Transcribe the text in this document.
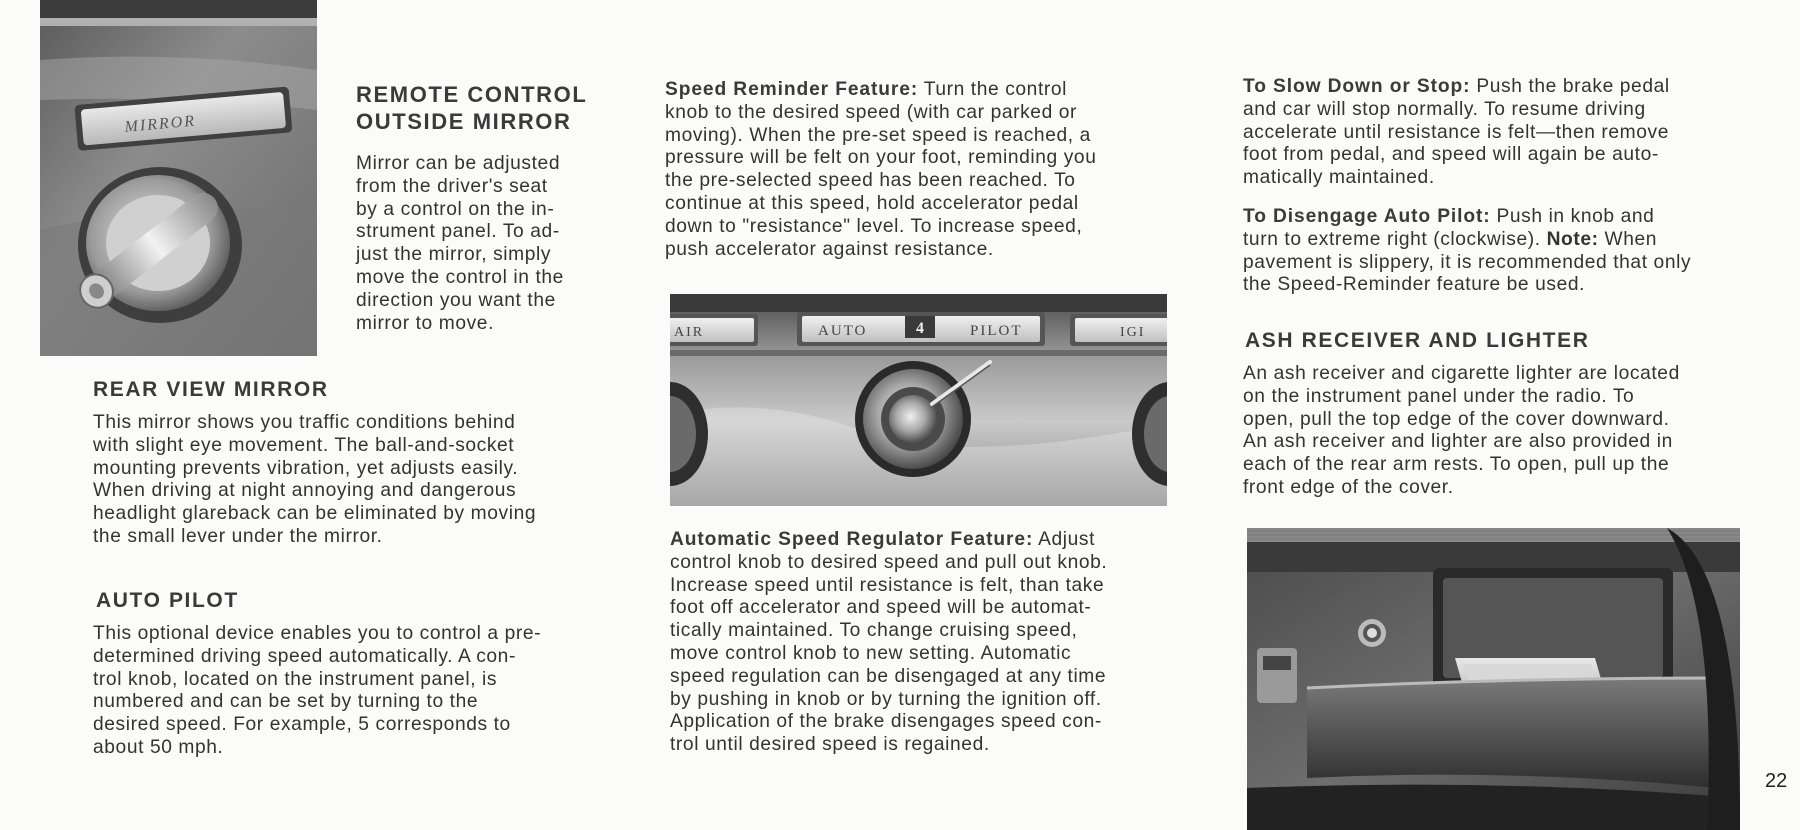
MIRROR
REMOTE CONTROL
OUTSIDE MIRROR
Mirror can be adjusted
from the driver's seat
by a control on the in-
strument panel. To ad-
just the mirror, simply
move the control in the
direction you want the
mirror to move.
REAR VIEW MIRROR
This mirror shows you traffic conditions behind
with slight eye movement. The ball-and-socket
mounting prevents vibration, yet adjusts easily.
When driving at night annoying and dangerous
headlight glareback can be eliminated by moving
the small lever under the mirror.
AUTO PILOT
This optional device enables you to control a pre-
determined driving speed automatically. A con-
trol knob, located on the instrument panel, is
numbered and can be set by turning to the
desired speed. For example, 5 corresponds to
about 50 mph.
Speed Reminder Feature: Turn the control
knob to the desired speed (with car parked or
moving). When the pre-set speed is reached, a
pressure will be felt on your foot, reminding you
the pre-selected speed has been reached. To
continue at this speed, hold accelerator pedal
down to "resistance" level. To increase speed,
push accelerator against resistance.
AIR	AUTO	4	PILOT	IGI
Automatic Speed Regulator Feature: Adjust
control knob to desired speed and pull out knob.
Increase speed until resistance is felt, than take
foot off accelerator and speed will be automat-
tically maintained. To change cruising speed,
move control knob to new setting. Automatic
speed regulation can be disengaged at any time
by pushing in knob or by turning the ignition off.
Application of the brake disengages speed con-
trol until desired speed is regained.
To Slow Down or Stop: Push the brake pedal
and car will stop normally. To resume driving
accelerate until resistance is felt—then remove
foot from pedal, and speed will again be auto-
matically maintained.
To Disengage Auto Pilot: Push in knob and
turn to extreme right (clockwise). Note: When
pavement is slippery, it is recommended that only
the Speed-Reminder feature be used.
ASH RECEIVER AND LIGHTER
An ash receiver and cigarette lighter are located
on the instrument panel under the radio. To
open, pull the top edge of the cover downward.
An ash receiver and lighter are also provided in
each of the rear arm rests. To open, pull up the
front edge of the cover.
22
